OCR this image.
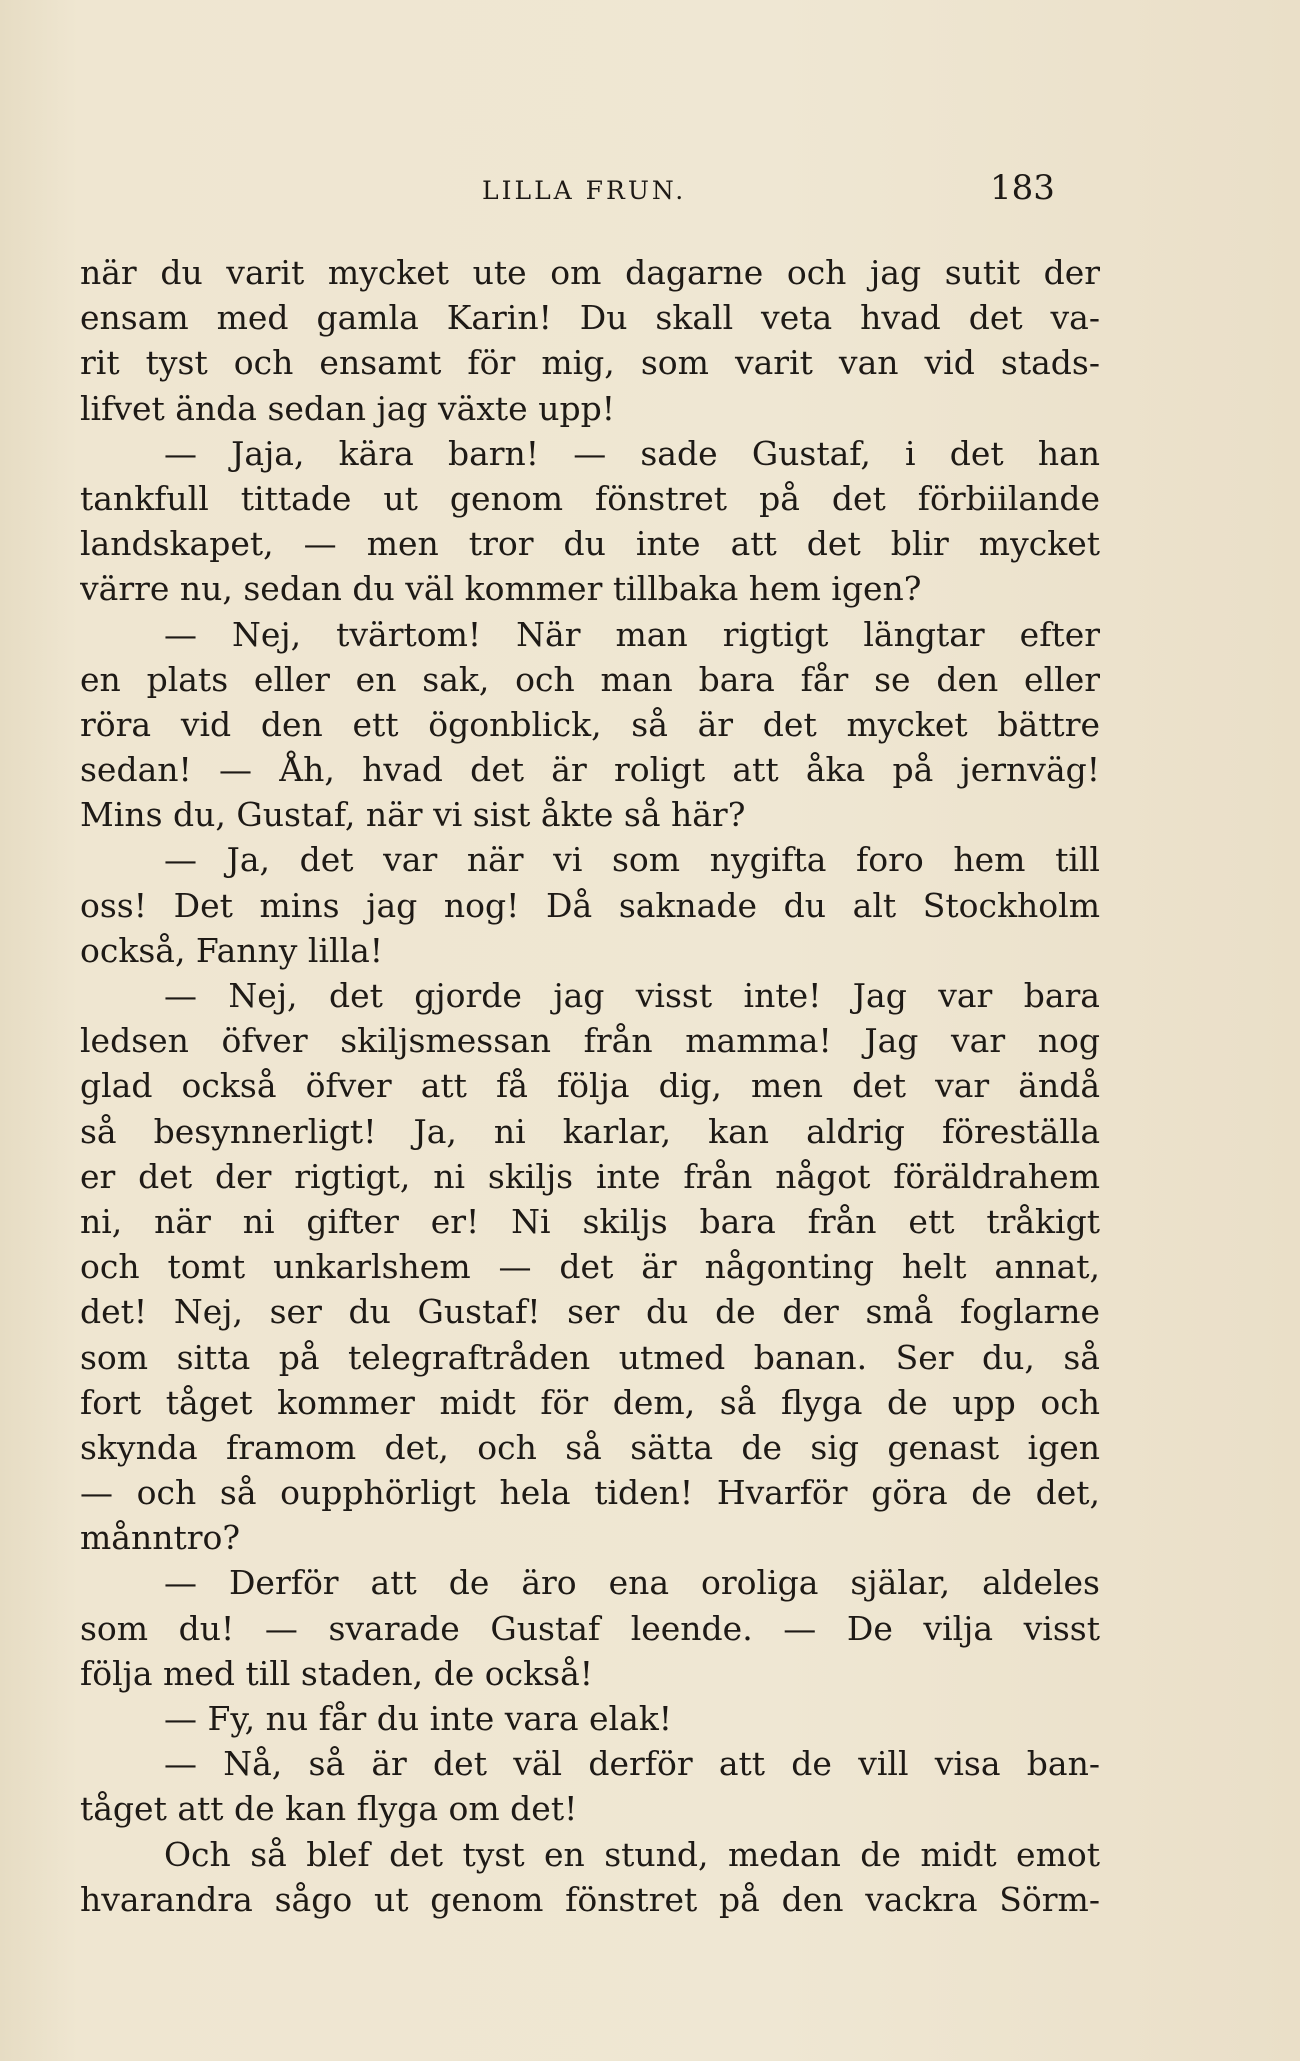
LILLA FRUN.	183
när du varit mycket ute om dagarne och jag sutit der
ensam med gamla Karin! Du skall veta hvad det va-
rit tyst och ensamt för mig, som varit van vid stads-
lifvet ända sedan jag växte upp!
— Jaja, kära barn! — sade Gustaf, i det han
tankfull tittade ut genom fönstret på det förbiilande
landskapet, — men tror du inte att det blir mycket
värre nu, sedan du väl kommer tillbaka hem igen?
— Nej, tvärtom! När man rigtigt längtar efter
en plats eller en sak, och man bara får se den eller
röra vid den ett ögonblick, så är det mycket bättre
sedan! — Åh, hvad det är roligt att åka på jernväg!
Mins du, Gustaf, när vi sist åkte så här?
— Ja, det var när vi som nygifta foro hem till
oss! Det mins jag nog! Då saknade du alt Stockholm
också, Fanny lilla!
— Nej, det gjorde jag visst inte! Jag var bara
ledsen öfver skiljsmessan från mamma! Jag var nog
glad också öfver att få följa dig, men det var ändå
så besynnerligt! Ja, ni karlar, kan aldrig föreställa
er det der rigtigt, ni skiljs inte från något föräldrahem
ni, när ni gifter er! Ni skiljs bara från ett tråkigt
och tomt unkarlshem — det är någonting helt annat,
det! Nej, ser du Gustaf! ser du de der små foglarne
som sitta på telegraftråden utmed banan. Ser du, så
fort tåget kommer midt för dem, så flyga de upp och
skynda framom det, och så sätta de sig genast igen
— och så oupphörligt hela tiden! Hvarför göra de det,
månntro?
— Derför att de äro ena oroliga själar, aldeles
som du! — svarade Gustaf leende. — De vilja visst
följa med till staden, de också!
— Fy, nu får du inte vara elak!
— Nå, så är det väl derför att de vill visa ban-
tåget att de kan flyga om det!
Och så blef det tyst en stund, medan de midt emot
hvarandra sågo ut genom fönstret på den vackra Sörm-
